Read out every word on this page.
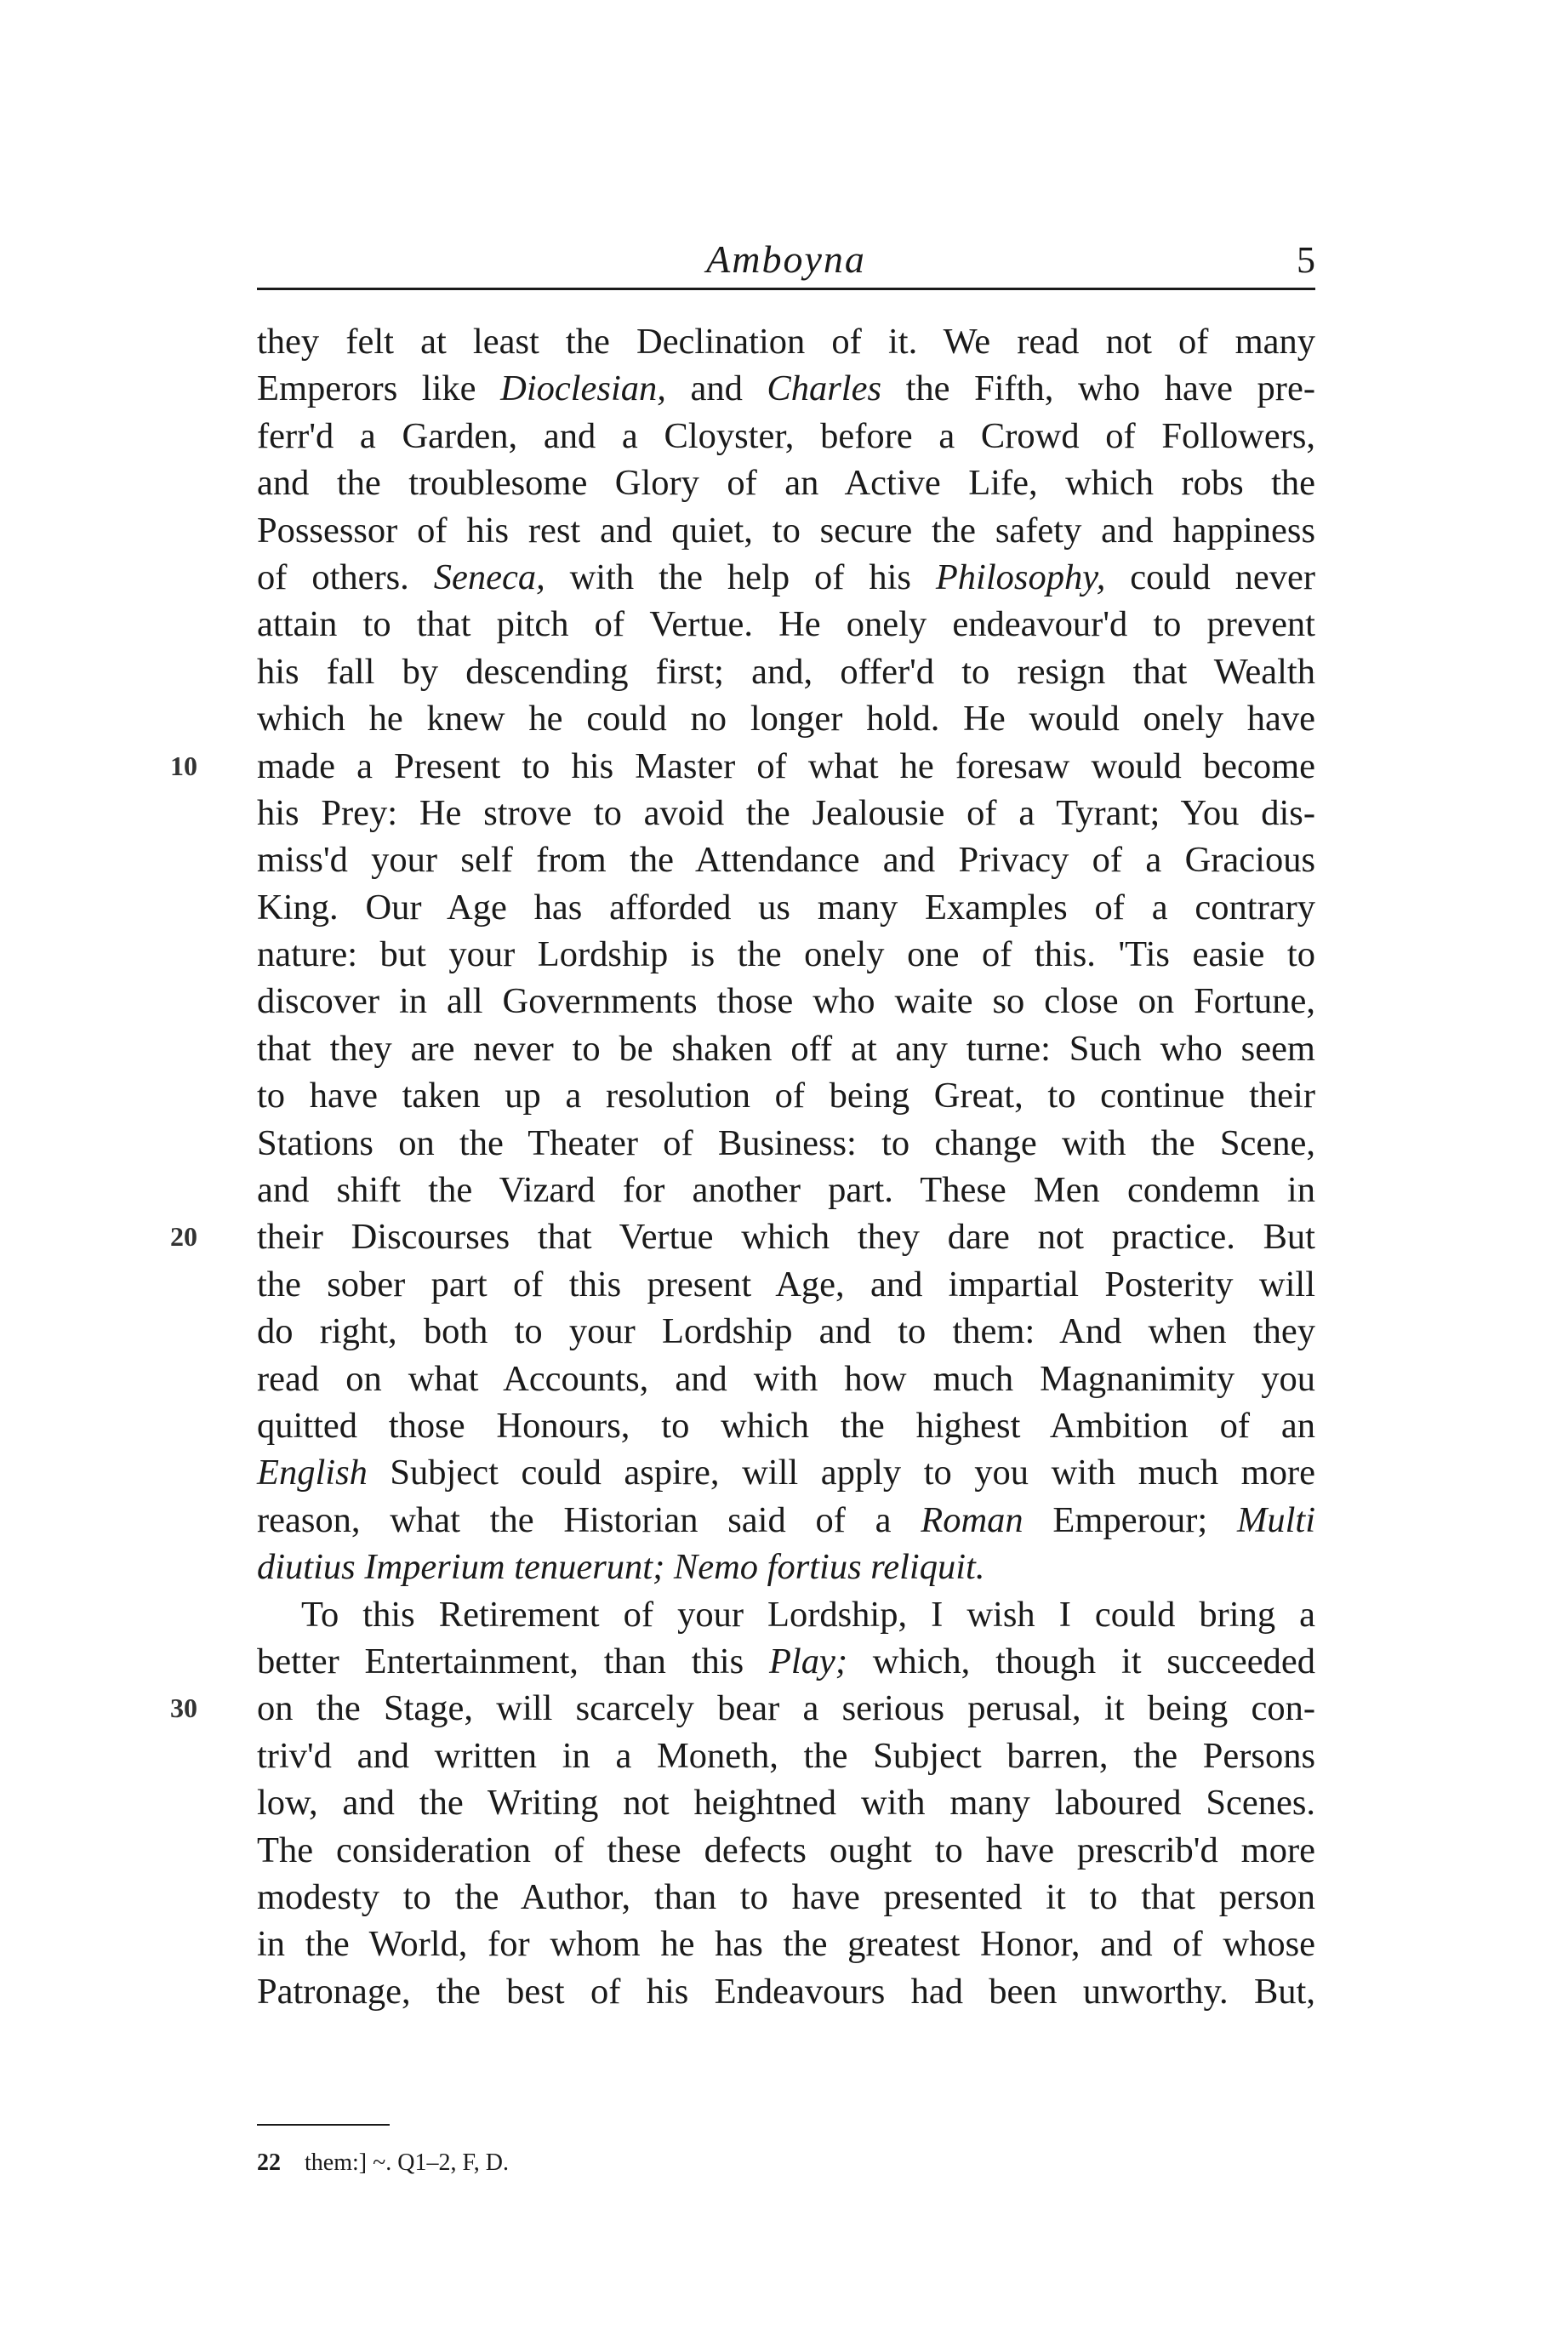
Amboyna	5
they felt at least the Declination of it. We read not of many
Emperors like Dioclesian, and Charles the Fifth, who have pre-
ferr'd a Garden, and a Cloyster, before a Crowd of Followers,
and the troublesome Glory of an Active Life, which robs the
Possessor of his rest and quiet, to secure the safety and happiness
of others. Seneca, with the help of his Philosophy, could never
attain to that pitch of Vertue. He onely endeavour'd to prevent
his fall by descending first; and, offer'd to resign that Wealth
which he knew he could no longer hold. He would onely have
10	made a Present to his Master of what he foresaw would become
his Prey: He strove to avoid the Jealousie of a Tyrant; You dis-
miss'd your self from the Attendance and Privacy of a Gracious
King. Our Age has afforded us many Examples of a contrary
nature: but your Lordship is the onely one of this. 'Tis easie to
discover in all Governments those who waite so close on Fortune,
that they are never to be shaken off at any turne: Such who seem
to have taken up a resolution of being Great, to continue their
Stations on the Theater of Business: to change with the Scene,
and shift the Vizard for another part. These Men condemn in
20	their Discourses that Vertue which they dare not practice. But
the sober part of this present Age, and impartial Posterity will
do right, both to your Lordship and to them: And when they
read on what Accounts, and with how much Magnanimity you
quitted those Honours, to which the highest Ambition of an
English Subject could aspire, will apply to you with much more
reason, what the Historian said of a Roman Emperour; Multi
diutius Imperium tenuerunt; Nemo fortius reliquit.
To this Retirement of your Lordship, I wish I could bring a
better Entertainment, than this Play; which, though it succeeded
30	on the Stage, will scarcely bear a serious perusal, it being con-
triv'd and written in a Moneth, the Subject barren, the Persons
low, and the Writing not heightned with many laboured Scenes.
The consideration of these defects ought to have prescrib'd more
modesty to the Author, than to have presented it to that person
in the World, for whom he has the greatest Honor, and of whose
Patronage, the best of his Endeavours had been unworthy. But,
22 them:] ~. Q1–2, F, D.
